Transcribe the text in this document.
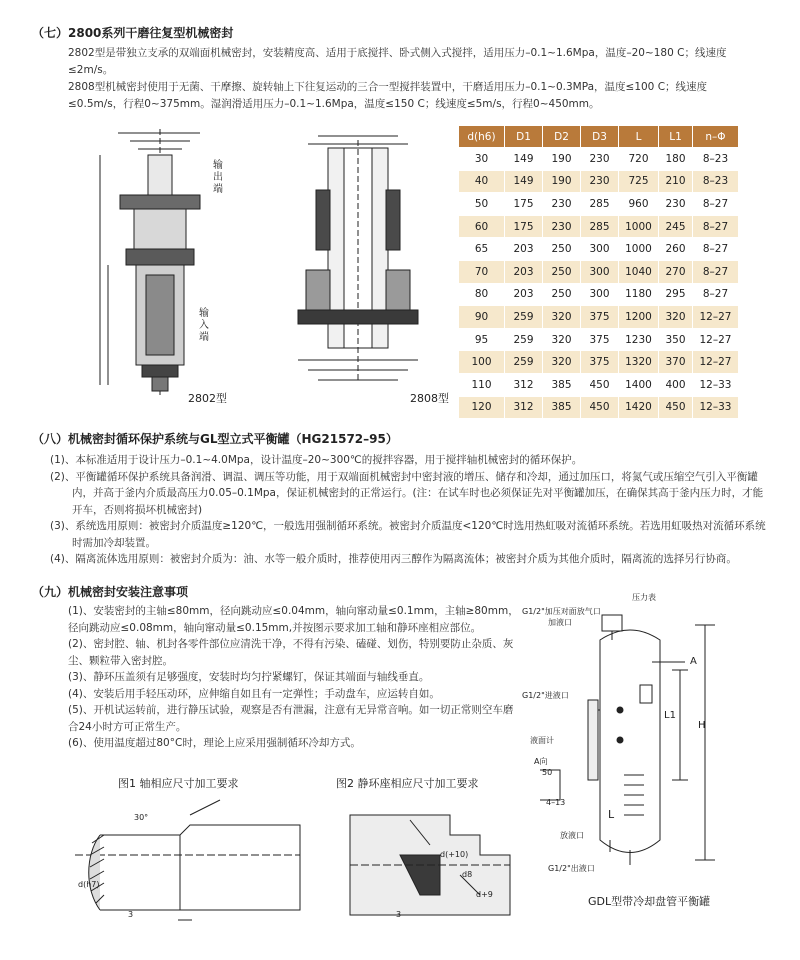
（七）2800系列干磨往复型机械密封
2802型是带独立支承的双端面机械密封，安装精度高、适用于底搅拌、卧式侧入式搅拌，适用压力–0.1~1.6Mpa，温度–20~180 C；线速度≤2m/s。
2808型机械密封使用于无菌、干摩擦、旋转轴上下往复运动的三合一型搅拌装置中，干磨适用压力–0.1~0.3MPa，温度≤100 C；线速度≤0.5m/s，行程0~375mm。湿润滑适用压力–0.1~1.6Mpa，温度≤150 C；线速度≤5m/s，行程0~450mm。
输出端
输入端
2802型	2808型
d(h6)	D1	D2	D3	L	L1	n–Φ
30	149	190	230	720	180	8–23
40	149	190	230	725	210	8–23
50	175	230	285	960	230	8–27
60	175	230	285	1000	245	8–27
65	203	250	300	1000	260	8–27
70	203	250	300	1040	270	8–27
80	203	250	300	1180	295	8–27
90	259	320	375	1200	320	12–27
95	259	320	375	1230	350	12–27
100	259	320	375	1320	370	12–27
110	312	385	450	1400	400	12–33
120	312	385	450	1420	450	12–33
（八）机械密封循环保护系统与GL型立式平衡罐（HG21572–95）
(1)、本标准适用于设计压力–0.1~4.0Mpa，设计温度–20~300℃的搅拌容器，用于搅拌轴机械密封的循环保护。
(2)、平衡罐循环保护系统具备润滑、调温、调压等功能，用于双端面机械密封中密封液的增压、储存和冷却，通过加压口，将氮气或压缩空气引入平衡罐内，并高于釜内介质最高压力0.05–0.1Mpa，保证机械密封的正常运行。(注：在试车时也必须保证先对平衡罐加压，在确保其高于釜内压力时，才能开车，否则将损坏机械密封)
(3)、系统选用原则：被密封介质温度≥120℃，一般选用强制循环系统。被密封介质温度<120℃时选用热虹吸对流循环系统。若选用虹吸热对流循环系统时需加冷却装置。
(4)、隔离流体选用原则：被密封介质为：油、水等一般介质时，推荐使用丙三醇作为隔离流体；被密封介质为其他介质时，隔离流的选择另行协商。
（九）机械密封安装注意事项
(1)、安装密封的主轴≤80mm，径向跳动应≤0.04mm，轴向窜动量≤0.1mm，主轴≥80mm，径向跳动应≤0.08mm，轴向窜动量≤0.15mm,并按图示要求加工轴和静环座相应部位。
(2)、密封腔、轴、机封各零件部位应清洗干净，不得有污染、磕碰、划伤，特别要防止杂质、灰尘、颗粒带入密封腔。
(3)、静环压盖须有足够强度，安装时均匀拧紧螺钉，保证其端面与轴线垂直。
(4)、安装后用手轻压动环，应伸缩自如且有一定弹性；手动盘车，应运转自如。
(5)、开机试运转前，进行静压试验，观察是否有泄漏，注意有无异常音响。如一切正常则空车磨合24小时方可正常生产。
(6)、使用温度超过80°C时，理论上应采用强制循环冷却方式。
图1 轴相应尺寸加工要求	图2 静环座相应尺寸加工要求
3
30°
d(h7)
3
d8
d+9
d(+10)
压力表
G1/2"加压对面放气口
加液口
G1/2"进液口
液面计
A向
50
4–13
放液口
G1/2"出液口
A
L1
H
L
GDL型带冷却盘管平衡罐
